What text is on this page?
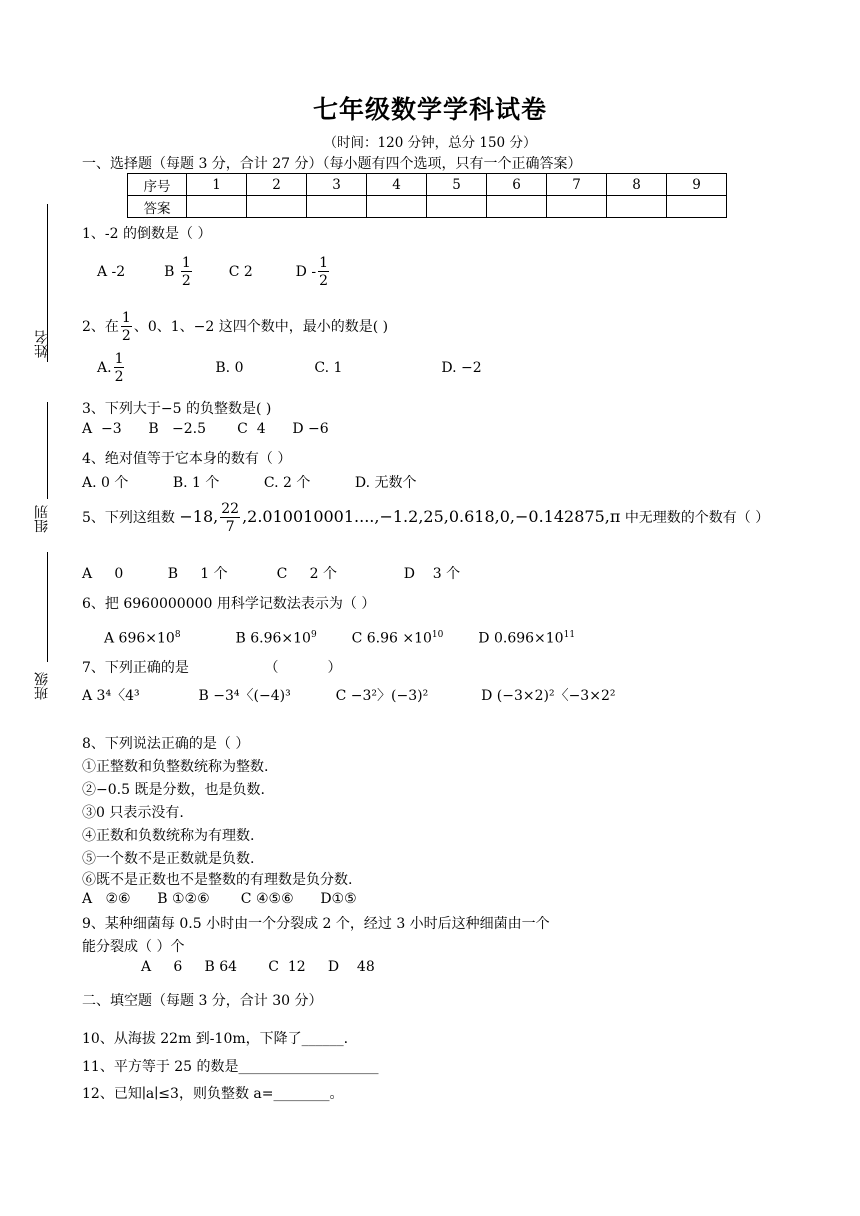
七年级数学学科试卷
（时间：120 分钟，总分 150 分）
姓名
组别
班级
一、选择题（每题 3 分，合计 27 分）（每小题有四个选项，只有一个正确答案）
序号	1	2	3	4	5	6	7	8	9
答案									
1、-2 的倒数是（ ）
A -2	B $\frac{1}{2}$	C 2	D - $\frac{1}{2}$
2、在 $\frac{1}{2}$ 、0、1、−2 这四个数中，最小的数是( )
A. $\frac{1}{2}$	B. 0	C. 1	D. −2
3、下列大于−5 的负整数是( )
A  −3      B   −2.5       C  4      D −6
4、绝对值等于它本身的数有（ ）
A. 0 个          B. 1 个          C. 2 个          D. 无数个
5、下列这组数 −18, $\frac{22}{7} ,2.010010001....,-1.2,25,0.618,0,-0.142875,\pi$ 中无理数的个数有（ ）
A     0          B     1 个           C     2 个               D    3 个
6、把 6960000000 用科学记数法表示为（ ）
A $696\times 10^8$	B $6.96\times 10^9$ C $6.96 \times 10^{10}$ D $0.696\times 10^{11}$
7、下列正确的是                 （           ）
A 3⁴〈4³	B −3⁴〈(−4)³	C −3²〉(−3)²	D (−3×2)²〈−3×2²
8、下列说法正确的是（ ）
①正整数和负整数统称为整数.
②−0.5 既是分数，也是负数.
③0 只表示没有.
④正数和负数统称为有理数.
⑤一个数不是正数就是负数.
⑥既不是正数也不是整数的有理数是负分数.
A   ②⑥      B ①②⑥       C ④⑤⑥      D①⑤
9、某种细菌每 0.5 小时由一个分裂成 2 个，经过 3 小时后这种细菌由一个
能分裂成（ ）个
A     6     B 64       C  12     D    48
二、填空题（每题 3 分，合计 30 分）
10、从海拔 22m 到-10m，下降了______.
11、平方等于 25 的数是____________________
12、已知∣a∣≤3，则负整数 a=________。
